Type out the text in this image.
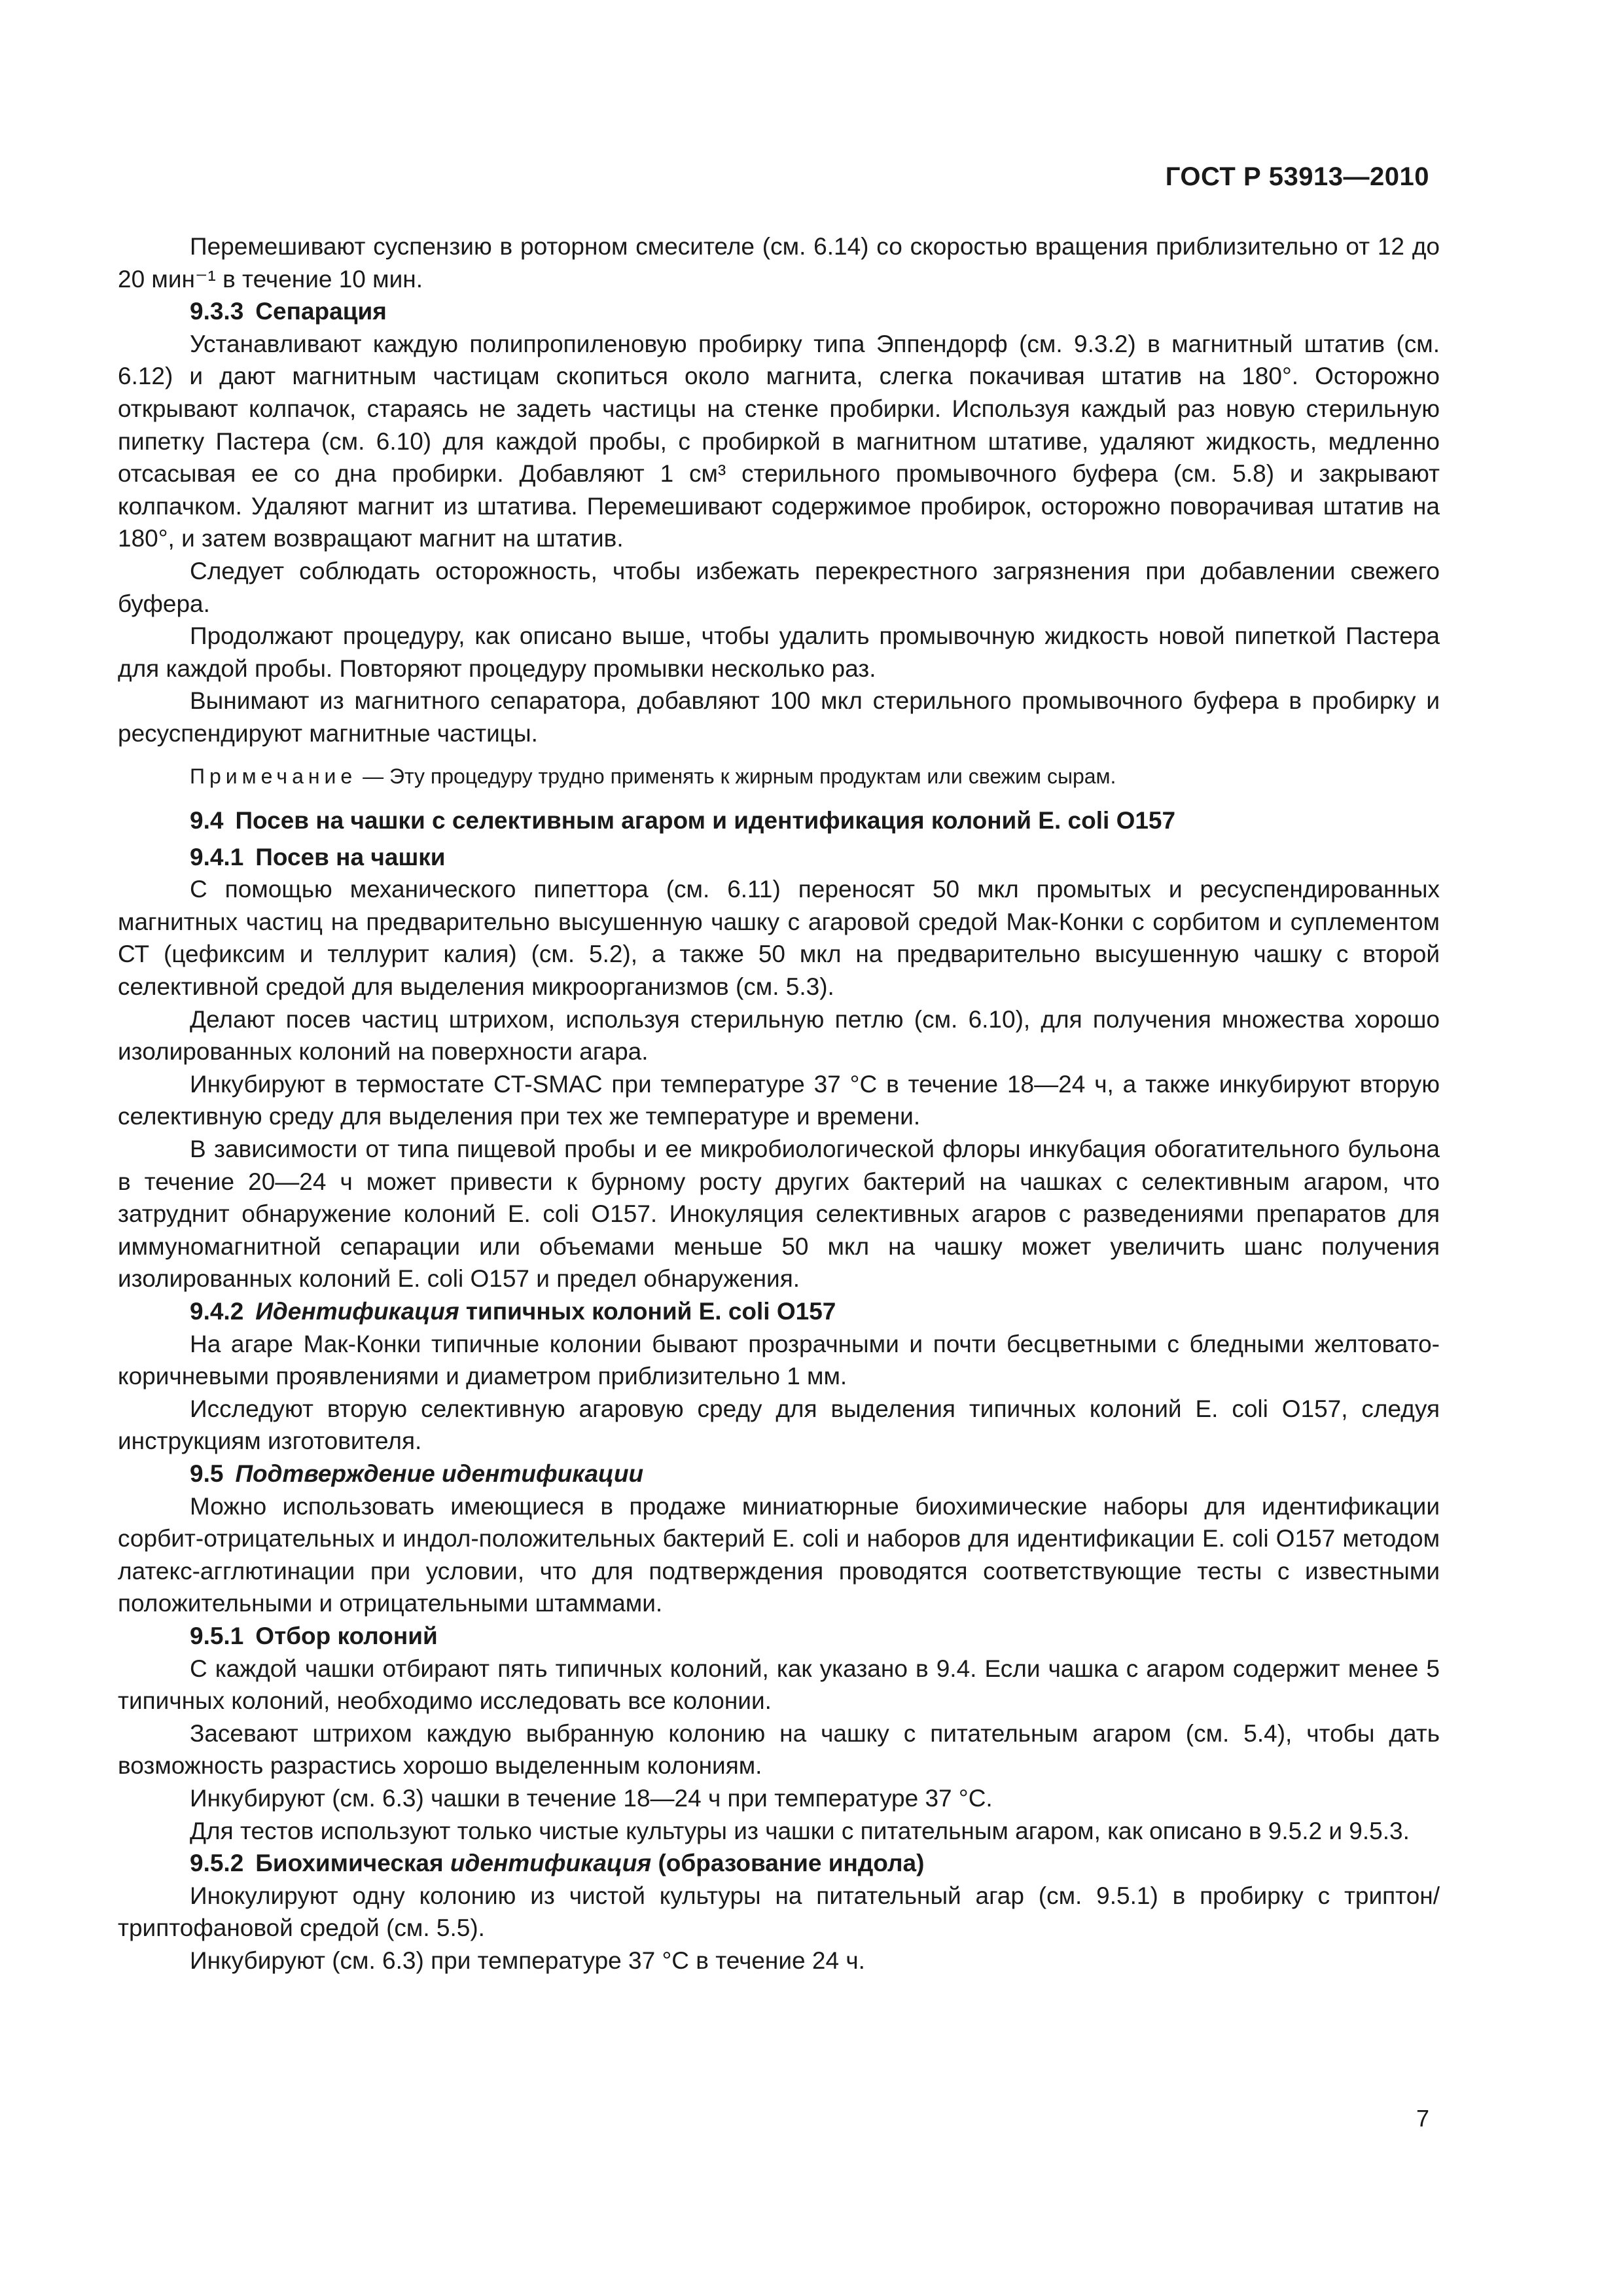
ГОСТ Р 53913—2010
Перемешивают суспензию в роторном смесителе (см. 6.14) со скоростью вращения приблизительно от 12 до 20 мин⁻¹ в течение 10 мин.
9.3.3 Сепарация
Устанавливают каждую полипропиленовую пробирку типа Эппендорф (см. 9.3.2) в магнитный штатив (см. 6.12) и дают магнитным частицам скопиться около магнита, слегка покачивая штатив на 180°. Осторожно открывают колпачок, стараясь не задеть частицы на стенке пробирки. Используя каждый раз новую стерильную пипетку Пастера (см. 6.10) для каждой пробы, с пробиркой в магнитном штативе, удаляют жидкость, медленно отсасывая ее со дна пробирки. Добавляют 1 см³ стерильного промывочного буфера (см. 5.8) и закрывают колпачком. Удаляют магнит из штатива. Перемешивают содержимое пробирок, осторожно поворачивая штатив на 180°, и затем возвращают магнит на штатив.
Следует соблюдать осторожность, чтобы избежать перекрестного загрязнения при добавлении свежего буфера.
Продолжают процедуру, как описано выше, чтобы удалить промывочную жидкость новой пипеткой Пастера для каждой пробы. Повторяют процедуру промывки несколько раз.
Вынимают из магнитного сепаратора, добавляют 100 мкл стерильного промывочного буфера в пробирку и ресуспендируют магнитные частицы.
Примечание — Эту процедуру трудно применять к жирным продуктам или свежим сырам.
9.4 Посев на чашки с селективным агаром и идентификация колоний E. coli O157
9.4.1 Посев на чашки
С помощью механического пипеттора (см. 6.11) переносят 50 мкл промытых и ресуспендированных магнитных частиц на предварительно высушенную чашку с агаровой средой Мак-Конки с сорбитом и суплементом СТ (цефиксим и теллурит калия) (см. 5.2), а также 50 мкл на предварительно высушенную чашку с второй селективной средой для выделения микроорганизмов (см. 5.3).
Делают посев частиц штрихом, используя стерильную петлю (см. 6.10), для получения множества хорошо изолированных колоний на поверхности агара.
Инкубируют в термостате CT-SMAC при температуре 37 °С в течение 18—24 ч, а также инкубируют вторую селективную среду для выделения при тех же температуре и времени.
В зависимости от типа пищевой пробы и ее микробиологической флоры инкубация обогатительного бульона в течение 20—24 ч может привести к бурному росту других бактерий на чашках с селективным агаром, что затруднит обнаружение колоний E. coli O157. Инокуляция селективных агаров с разведениями препаратов для иммуномагнитной сепарации или объемами меньше 50 мкл на чашку может увеличить шанс получения изолированных колоний E. coli O157 и предел обнаружения.
9.4.2 Идентификация типичных колоний E. coli O157
На агаре Мак-Конки типичные колонии бывают прозрачными и почти бесцветными с бледными желтовато-коричневыми проявлениями и диаметром приблизительно 1 мм.
Исследуют вторую селективную агаровую среду для выделения типичных колоний E. coli O157, следуя инструкциям изготовителя.
9.5 Подтверждение идентификации
Можно использовать имеющиеся в продаже миниатюрные биохимические наборы для идентификации сорбит-отрицательных и индол-положительных бактерий E. coli и наборов для идентификации E. coli O157 методом латекс-агглютинации при условии, что для подтверждения проводятся соответствующие тесты с известными положительными и отрицательными штаммами.
9.5.1 Отбор колоний
С каждой чашки отбирают пять типичных колоний, как указано в 9.4. Если чашка с агаром содержит менее 5 типичных колоний, необходимо исследовать все колонии.
Засевают штрихом каждую выбранную колонию на чашку с питательным агаром (см. 5.4), чтобы дать возможность разрастись хорошо выделенным колониям.
Инкубируют (см. 6.3) чашки в течение 18—24 ч при температуре 37 °С.
Для тестов используют только чистые культуры из чашки с питательным агаром, как описано в 9.5.2 и 9.5.3.
9.5.2 Биохимическая идентификация (образование индола)
Инокулируют одну колонию из чистой культуры на питательный агар (см. 9.5.1) в пробирку с триптон/триптофановой средой (см. 5.5).
Инкубируют (см. 6.3) при температуре 37 °С в течение 24 ч.
7
